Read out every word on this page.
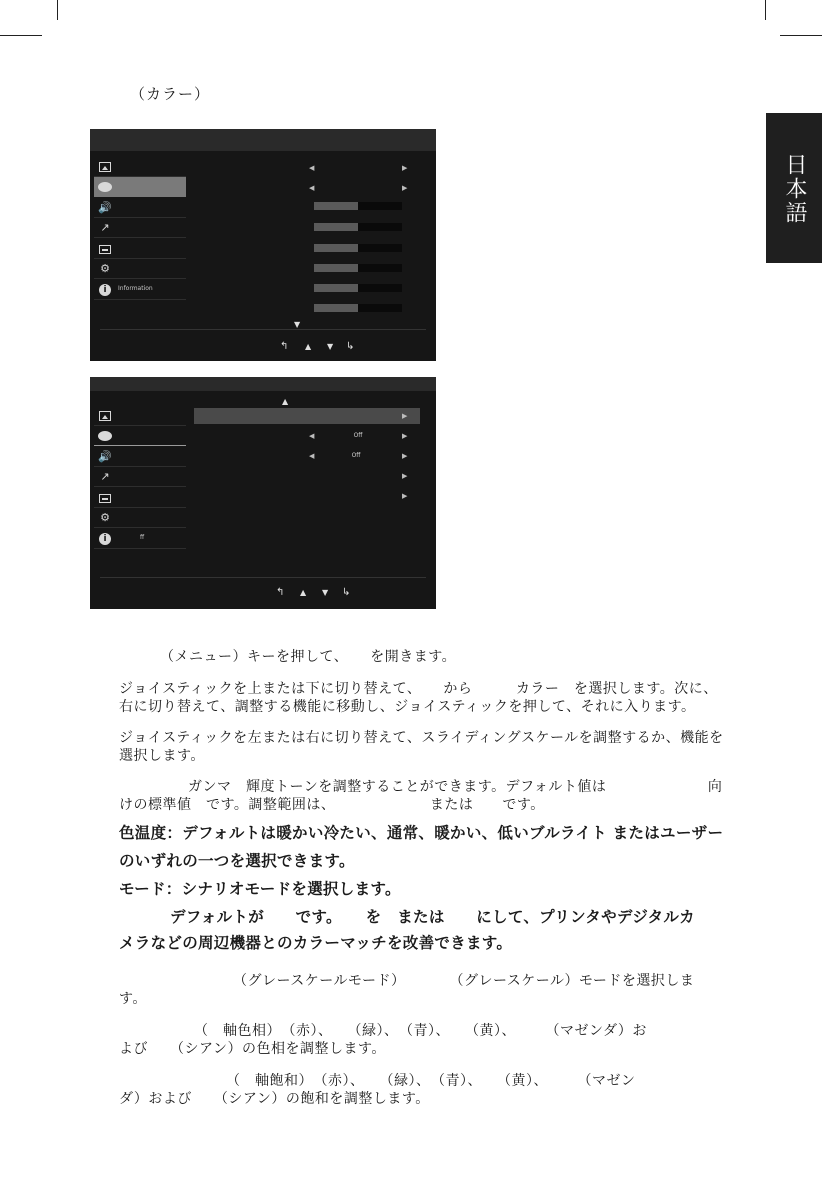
（カラー）
日本語
🔊
↗
⚙
i	Information
◀	▶
◀	▶
▼
↰ ▲ ▼ ↳
▲
▶
🔊
↗
⚙
i	ff
◀	Off	▶
◀	Off	▶
▶
▶
↰ ▲ ▼ ↳
（メニュー）キーを押して、　　を開きます。
ジョイスティックを上または下に切り替えて、　　から　　　カラー　を選択します。次に、
右に切り替えて、調整する機能に移動し、ジョイスティックを押して、それに入ります。
ジョイスティックを左または右に切り替えて、スライディングスケールを調整するか、機能を
選択します。
ガンマ　輝度トーンを調整することができます。デフォルト値は　　　　　　　向
けの標準値　です。調整範囲は、　　　　　　　または　　です。
色温度：デフォルトは暖かい冷たい、通常、暖かい、低いブルライト またはユーザー
のいずれの一つを選択できます。
モード：シナリオモードを選択します。
デフォルトが　　です。　　を　または　　にして、プリンタやデジタルカ
メラなどの周辺機器とのカラーマッチを改善できます。
（グレースケールモード）　　　　（グレースケール）モードを選択しま
す。
（　軸色相）　（赤）、　　（緑）、　（青）、　　（黄）、　　　（マゼンダ）お
よび　　（シアン）の色相を調整します。
（　軸飽和）　（赤）、　　（緑）、　（青）、　　（黄）、　　　（マゼン
ダ）および　　（シアン）の飽和を調整します。
